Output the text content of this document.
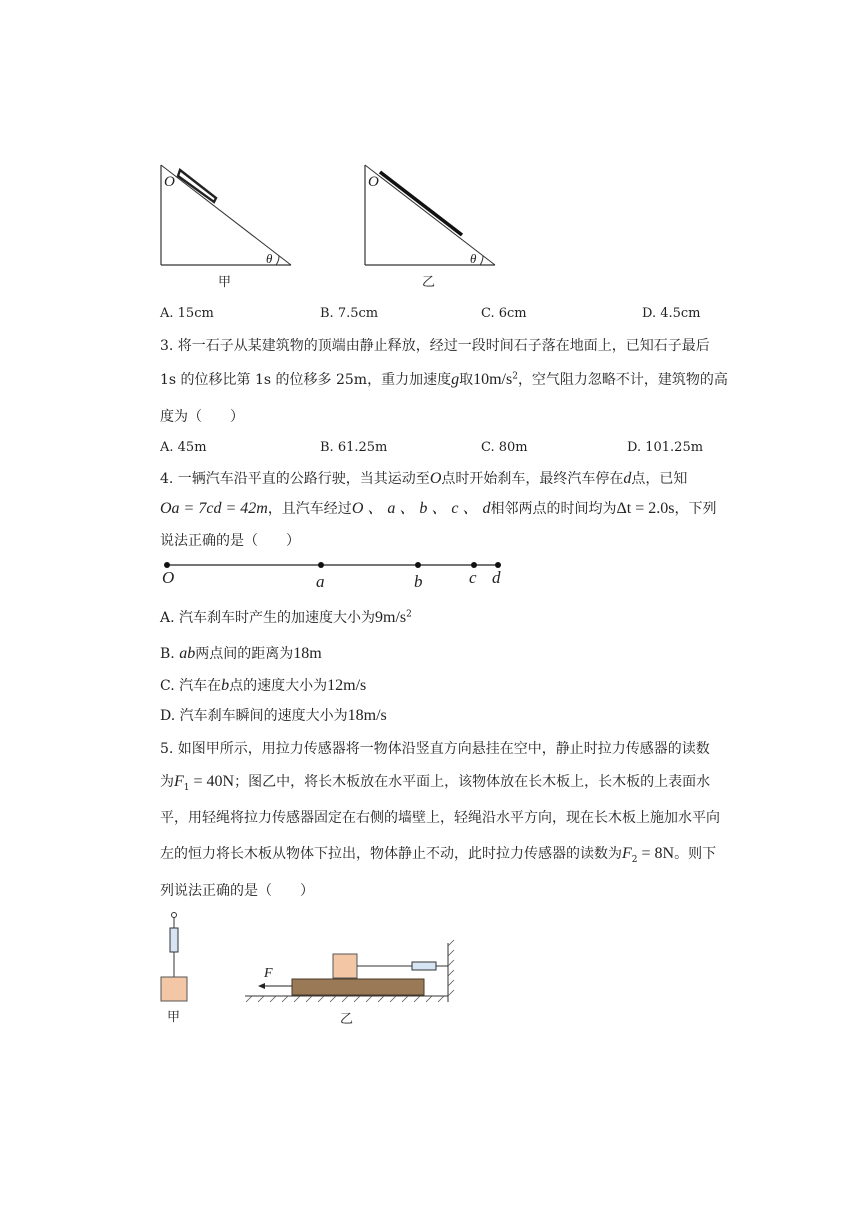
O
θ
甲
O
θ
乙
A. 15cm	B. 7.5cm	C. 6cm	D. 4.5cm
3. 将一石子从某建筑物的顶端由静止释放，经过一段时间石子落在地面上，已知石子最后
1s 的位移比第 1s 的位移多 25m，重力加速度g取$10m/s^2$，空气阻力忽略不计，建筑物的高
度为（　　）
A. 45m	B. 61.25m	C. 80m	D. 101.25m
4. 一辆汽车沿平直的公路行驶，当其运动至O点时开始刹车，最终汽车停在d点，已知
Oa = 7cd = 42m，且汽车经过O 、 a 、 b 、 c 、 d相邻两点的时间均为Δt = 2.0s，下列
说法正确的是（　　）
O	a	b	c d
A. 汽车刹车时产生的加速度大小为$9m/s^2$
B. ab两点间的距离为18m
C. 汽车在b点的速度大小为12m/s
D. 汽车刹车瞬间的速度大小为18m/s
5. 如图甲所示，用拉力传感器将一物体沿竖直方向悬挂在空中，静止时拉力传感器的读数
为$F_1 = 40N$；图乙中，将长木板放在水平面上，该物体放在长木板上，长木板的上表面水
平，用轻绳将拉力传感器固定在右侧的墙壁上，轻绳沿水平方向，现在长木板上施加水平向
左的恒力将长木板从物体下拉出，物体静止不动，此时拉力传感器的读数为$F_2 = 8N$。则下
列说法正确的是（　　）
甲
F
乙
